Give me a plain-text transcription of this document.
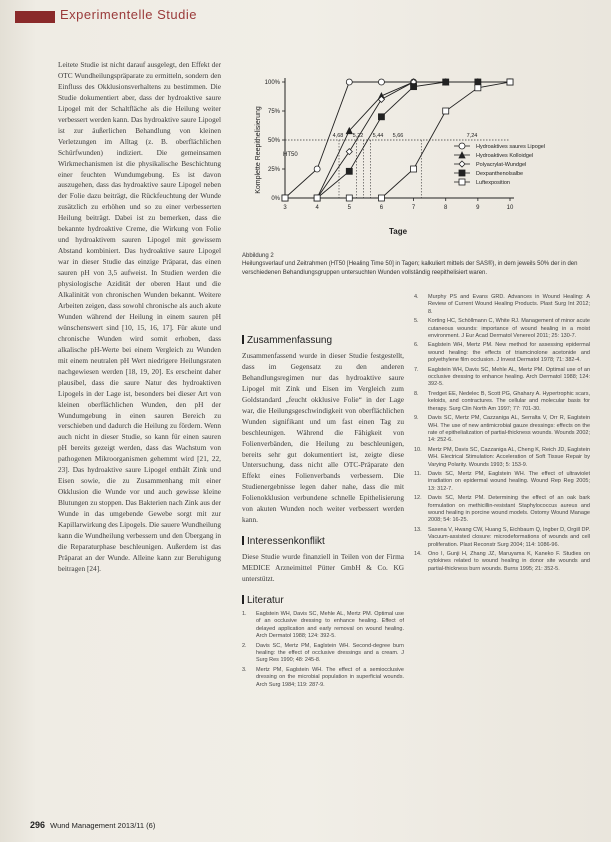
Experimentelle Studie
Leitete Studie ist nicht darauf ausgelegt, den Effekt der OTC Wundheilungspräparate zu ermitteln, sondern den Einfluss des Okklusionsverhaltens zu bestimmen. Die Studie dokumentiert aber, dass der hydroaktive saure Lipogel mit der Schaltfläche als die Heilung weiter verbessert werden kann. Das hydroaktive saure Lipogel ist zur äußerlichen Behandlung von kleinen Verletzungen im Alltag (z. B. oberflächlichen Schürfwunden) indiziert. Die gemeinsamen Wirkmechanismen ist die physikalische Beschichtung einer feuchten Wundumgebung. Es ist davon auszugehen, dass das hydroaktive saure Lipogel neben der Folie dazu beiträgt, die Rückfeuchtung der Wunde zusätzlich zu erhöhen und so zu einer verbesserten Heilung beiträgt. Dabei ist zu bemerken, dass die bekannte hydroaktive Creme, die Wirkung von Folie und hydroaktivem sauren Lipogel mit gewissem Abstand kombiniert. Das hydroaktive saure Lipogel war in dieser Studie das einzige Präparat, das einen sauren pH von 3,5 aufweist. In Studien werden die physiologische Azidität der oberen Haut und die Alkalinität von chronischen Wunden bekannt. Weitere Arbeiten zeigen, dass sowohl chronische als auch akute Wunden während der Heilung in einem sauren pH wünschenswert sind [10, 15, 16, 17]. Für akute und chronische Wunden wird somit erhoben, dass alkalische pH-Werte bei einem Vergleich zu Wunden mit einem neutralen pH Wert niedrigere Heilungsraten nachgewiesen werden [18, 19, 20]. Es erscheint daher plausibel, dass die saure Natur des hydroaktiven Lipogels in der Lage ist, besonders bei dieser Art von kleinen oberflächlichen Wunden, den pH der Wundumgebung in einen sauren Bereich zu verschieben und dadurch die Heilung zu fördern. Wenn auch nicht in dieser Studie, so kann für einen sauren pH bereits gezeigt werden, dass das Wachstum von pathogenen Mikroorganismen gehemmt wird [21, 22, 23]. Das hydroaktive saure Lipogel enthält Zink und Eisen sowie, die zu Zusammenhang mit einer Okklusion die Wunde vor und auch gewisse kleine Blutungen zu stoppen. Das Bakterien nach Zink aus der Wunde in das umgebende Gewebe sorgt mit zur Kapillarwirkung des Lipogels. Die sauere Wundheilung kann die Wundheilung verbessern und den Übergang in die Reparaturphase beschleunigen. Außerdem ist das Präparat an der Wunde. Alleine kann zur Beruhigung beitragen [24].
Komplette Reepithelisierung
Tage
HT50
0%
25%
50%
75%
100%
3	4	5	6	7	8	9	10
4,68 5,22 5,44 5,66	7,24
Hydroaktives saures Lipogel
Hydroaktives Kolloidgel
Polyacrylat-Wundgel
Dexpanthenolsalbe
Luftexposition
Abbildung 2
Heilungsverlauf und Zeitrahmen (HT50 [Healing Time 50] in Tagen; kalkuliert mittels der SAS®), in dem jeweils 50% der in den verschiedenen Behandlungsgruppen untersuchten Wunden vollständig reepithelisiert waren.
Zusammenfassung
Zusammenfassend wurde in dieser Studie festgestellt, dass im Gegensatz zu den anderen Behandlungsregimen nur das hydroaktive saure Lipogel mit Zink und Eisen im Vergleich zum Goldstandard „feucht okklusive Folie“ in der Lage war, die Heilungsgeschwindigkeit von oberflächlichen Wunden signifikant und um fast einen Tag zu beschleunigen. Während die Fähigkeit von Folienverbänden, die Heilung zu beschleunigen, bereits sehr gut dokumentiert ist, zeigte diese Untersuchung, dass nicht alle OTC-Präparate den Effekt eines Folienverbands verbessern. Die Studienergebnisse legen daher nahe, dass die mit Folienokklusion verbundene schnelle Epithelisierung von akuten Wunden noch weiter verbessert werden kann.
Interessenkonflikt
Diese Studie wurde finanziell in Teilen von der Firma MEDICE Arzneimittel Pütter GmbH & Co. KG unterstützt.
Literatur
1. Eaglstein WH, Davis SC, Mehle AL, Mertz PM. Optimal use of an occlusive dressing to enhance healing. Effect of delayed application and early removal on wound healing. Arch Dermatol 1988; 124: 392-5.
2. Davis SC, Mertz PM, Eaglstein WH. Second-degree burn healing: the effect of occlusive dressings and a cream. J Surg Res 1990; 48: 245-8.
3. Mertz PM, Eaglstein WH. The effect of a semiocclusive dressing on the microbial population in superficial wounds. Arch Surg 1984; 119: 287-9.
4. Murphy PS and Evans GRD. Advances in Wound Healing: A Review of Current Wound Healing Products. Plast Surg Int 2012; 8.
5. Korting HC, Schöllmann C, White RJ. Management of minor acute cutaneous wounds: importance of wound healing in a moist environment. J Eur Acad Dermatol Venereol 2011; 25: 130-7.
6. Eaglstein WH, Mertz PM. New method for assessing epidermal wound healing: the effects of triamcinolone acetonide and polyethylene film occlusion. J Invest Dermatol 1978; 71: 382-4.
7. Eaglstein WH, Davis SC, Mehle AL, Mertz PM. Optimal use of an occlusive dressing to enhance healing. Arch Dermatol 1988; 124: 392-5.
8. Tredget EE, Nedelec B, Scott PG, Ghahary A. Hypertrophic scars, keloids, and contractures. The cellular and molecular basis for therapy. Surg Clin North Am 1997; 77: 701-30.
9. Davis SC, Mertz PM, Cazzaniga AL, Serralta V, Orr R, Eaglstein WH. The use of new antimicrobial gauze dressings: effects on the rate of epithelialization of partial-thickness wounds. Wounds 2002; 14: 252-6.
10. Mertz PM, Davis SC, Cazzaniga AL, Cheng K, Reich JD, Eaglstein WH. Electrical Stimulation: Acceleration of Soft Tissue Repair by Varying Polarity. Wounds 1993; 5: 153-9.
11. Davis SC, Mertz PM, Eaglstein WH. The effect of ultraviolet irradiation on epidermal wound healing. Wound Rep Reg 2005; 13: 312-7.
12. Davis SC, Mertz PM. Determining the effect of an oak bark formulation on methicillin-resistant Staphylococcus aureus and wound healing in porcine wound models. Ostomy Wound Manage 2008; 54: 16-25.
13. Saxena V, Hwang CW, Huang S, Eichbaum Q, Ingber D, Orgill DP. Vacuum-assisted closure: microdeformations of wounds and cell proliferation. Plast Reconstr Surg 2004; 114: 1086-96.
14. Ono I, Gunji H, Zhang JZ, Maruyama K, Kaneko F. Studies on cytokines related to wound healing in donor site wounds and partial-thickness burn wounds. Burns 1995; 21: 352-5.
296 Wund Management 2013/11 (6)
